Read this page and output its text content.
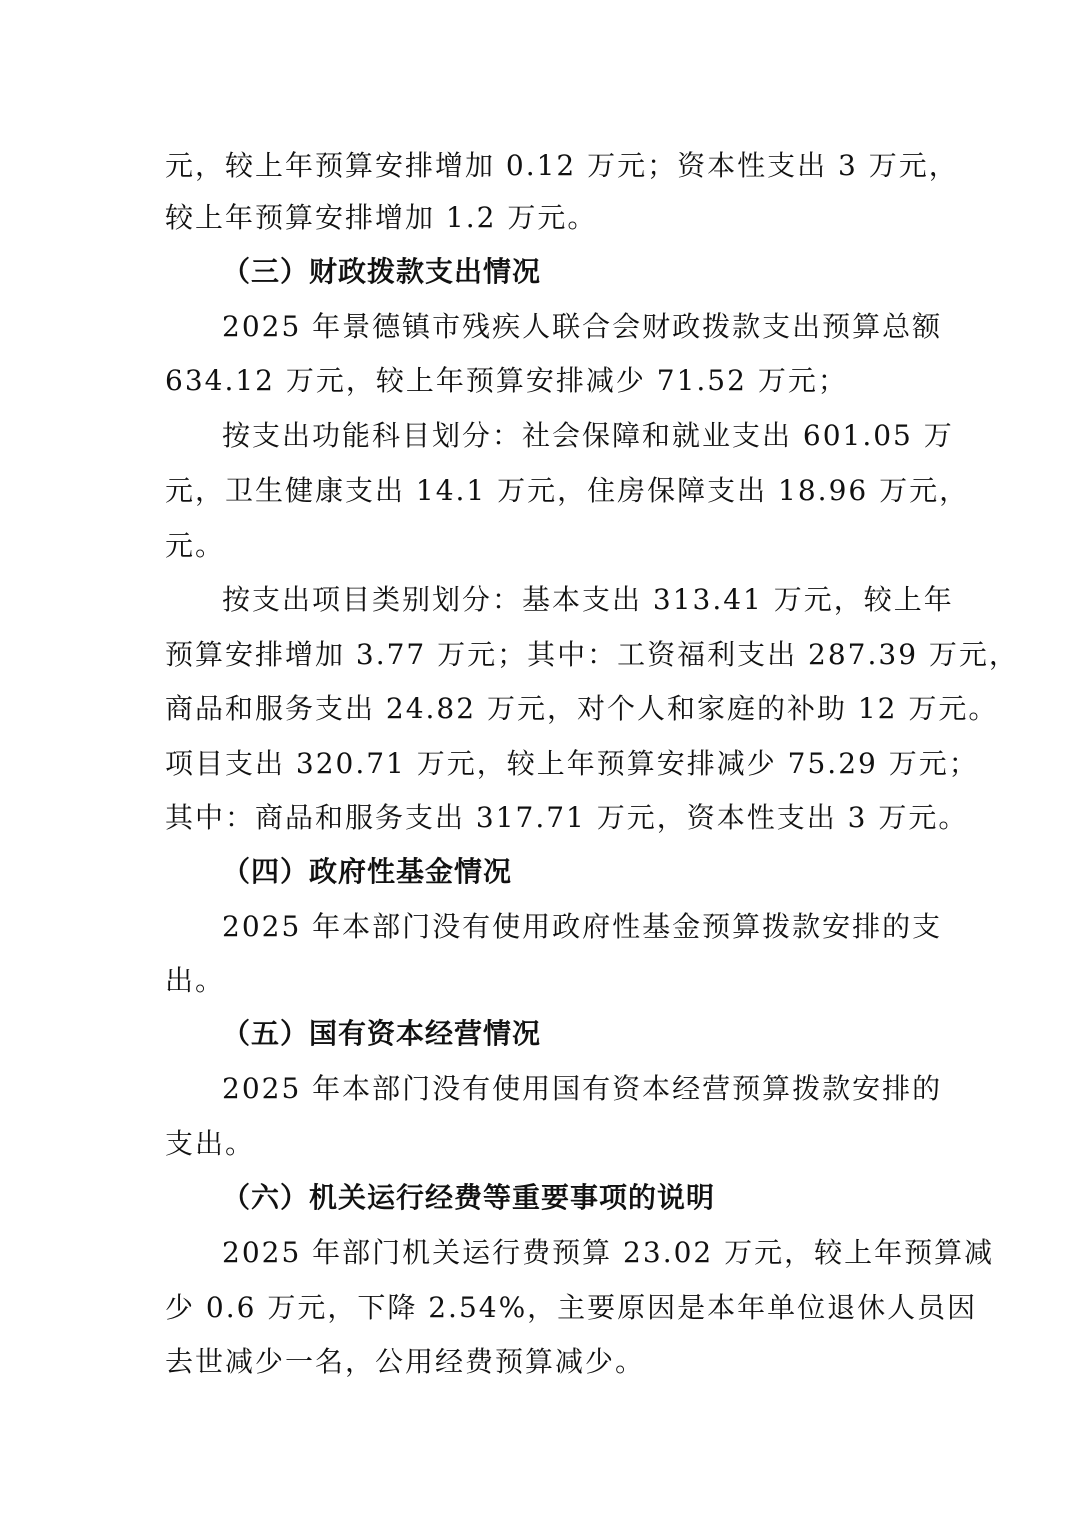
元，较上年预算安排增加 0.12 万元；资本性支出 3 万元，
较上年预算安排增加 1.2 万元。
（三）财政拨款支出情况
2025 年景德镇市残疾人联合会财政拨款支出预算总额
634.12 万元，较上年预算安排减少 71.52 万元；
按支出功能科目划分：社会保障和就业支出 601.05 万
元，卫生健康支出 14.1 万元，住房保障支出 18.96 万元，
元。
按支出项目类别划分：基本支出 313.41 万元，较上年
预算安排增加 3.77 万元；其中：工资福利支出 287.39 万元，
商品和服务支出 24.82 万元，对个人和家庭的补助 12 万元。
项目支出 320.71 万元，较上年预算安排减少 75.29 万元；
其中：商品和服务支出 317.71 万元，资本性支出 3 万元。
（四）政府性基金情况
2025 年本部门没有使用政府性基金预算拨款安排的支
出。
（五）国有资本经营情况
2025 年本部门没有使用国有资本经营预算拨款安排的
支出。
（六）机关运行经费等重要事项的说明
2025 年部门机关运行费预算 23.02 万元，较上年预算减
少 0.6 万元，下降 2.54%，主要原因是本年单位退休人员因
去世减少一名，公用经费预算减少。
